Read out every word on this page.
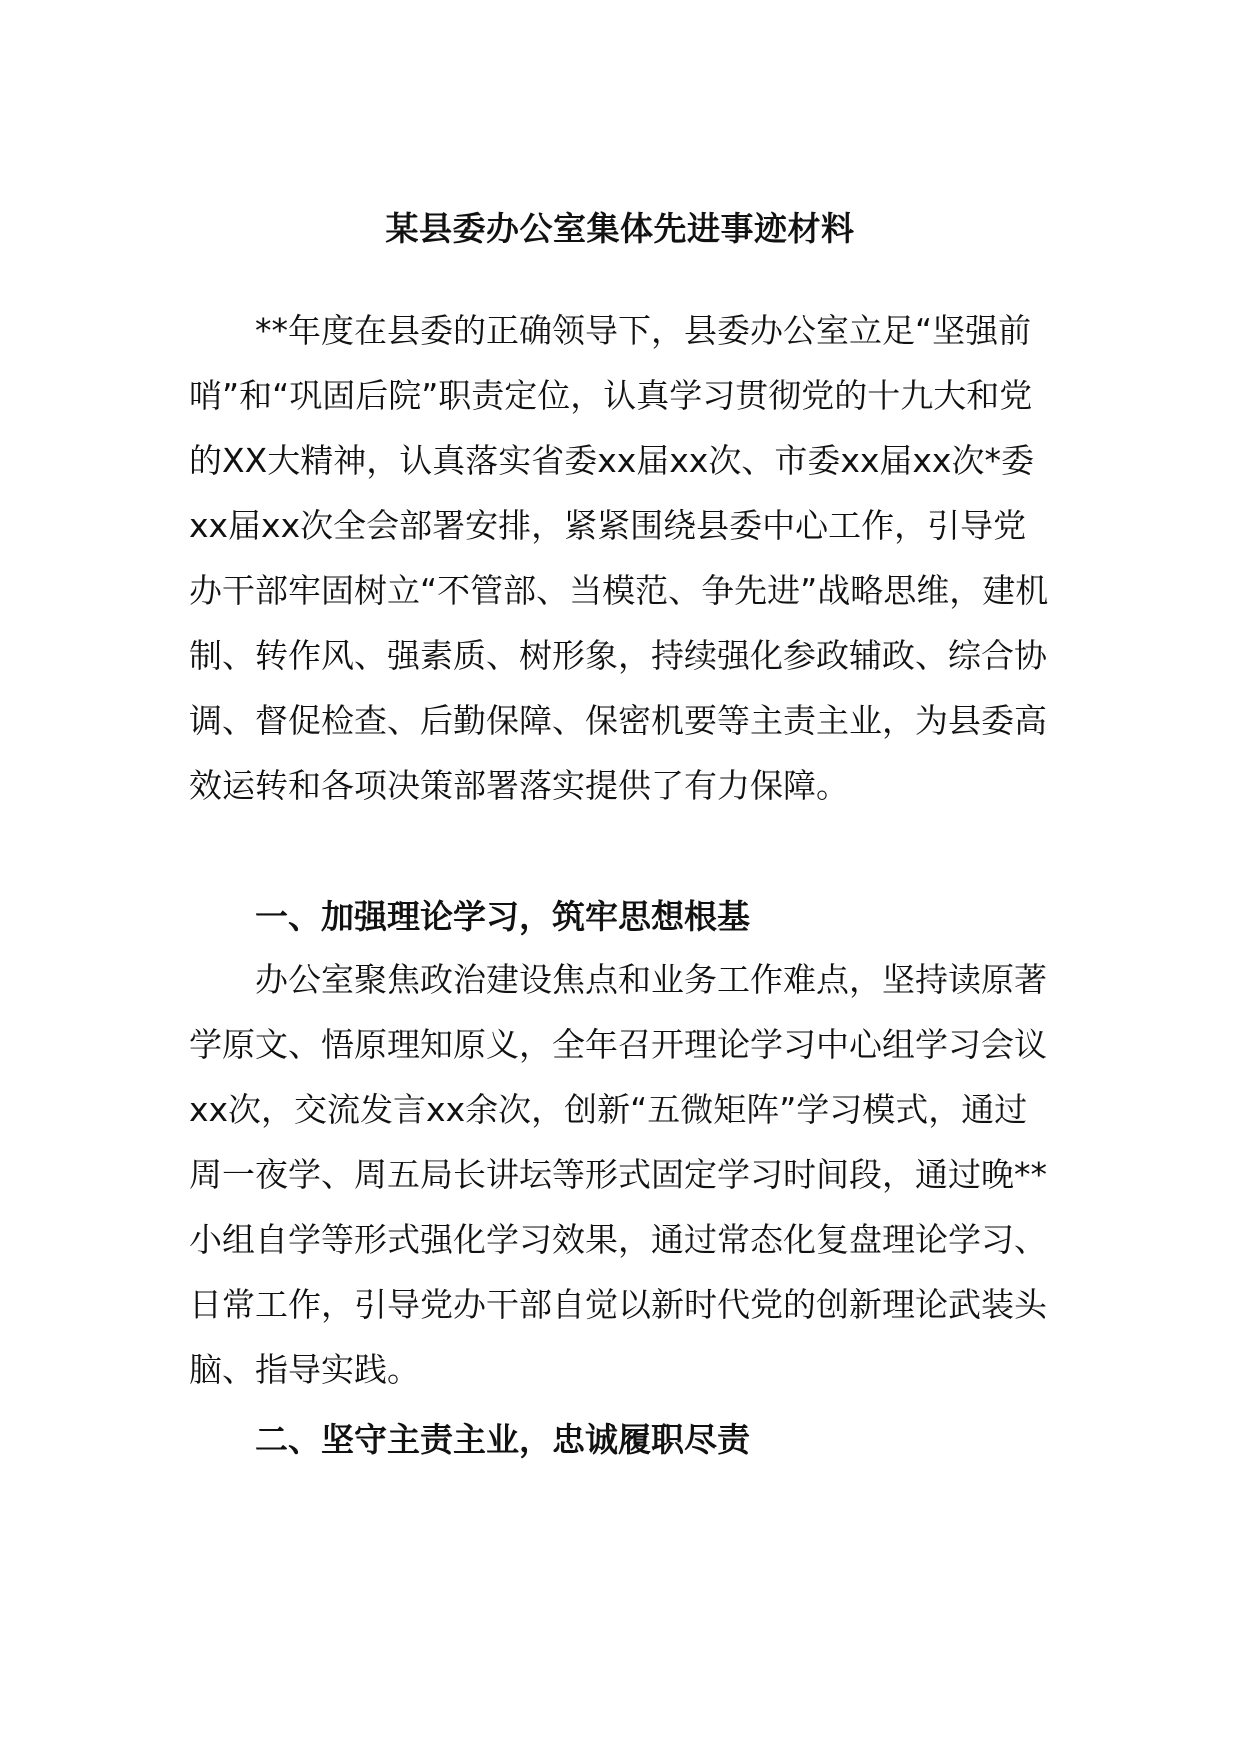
某县委办公室集体先进事迹材料

**年度在县委的正确领导下，县委办公室立足“坚强前哨”和“巩固后院”职责定位，认真学习贯彻党的十九大和党的XX大精神，认真落实省委xx届xx次、市委xx届xx次*委xx届xx次全会部署安排，紧紧围绕县委中心工作，引导党办干部牢固树立“不管部、当模范、争先进”战略思维，建机制、转作风、强素质、树形象，持续强化参政辅政、综合协调、督促检查、后勤保障、保密机要等主责主业，为县委高效运转和各项决策部署落实提供了有力保障。

一、加强理论学习，筑牢思想根基

办公室聚焦政治建设焦点和业务工作难点，坚持读原著学原文、悟原理知原义，全年召开理论学习中心组学习会议xx次，交流发言xx余次，创新“五微矩阵”学习模式，通过周一夜学、周五局长讲坛等形式固定学习时间段，通过晚**小组自学等形式强化学习效果，通过常态化复盘理论学习、日常工作，引导党办干部自觉以新时代党的创新理论武装头脑、指导实践。

二、坚守主责主业，忠诚履职尽责
